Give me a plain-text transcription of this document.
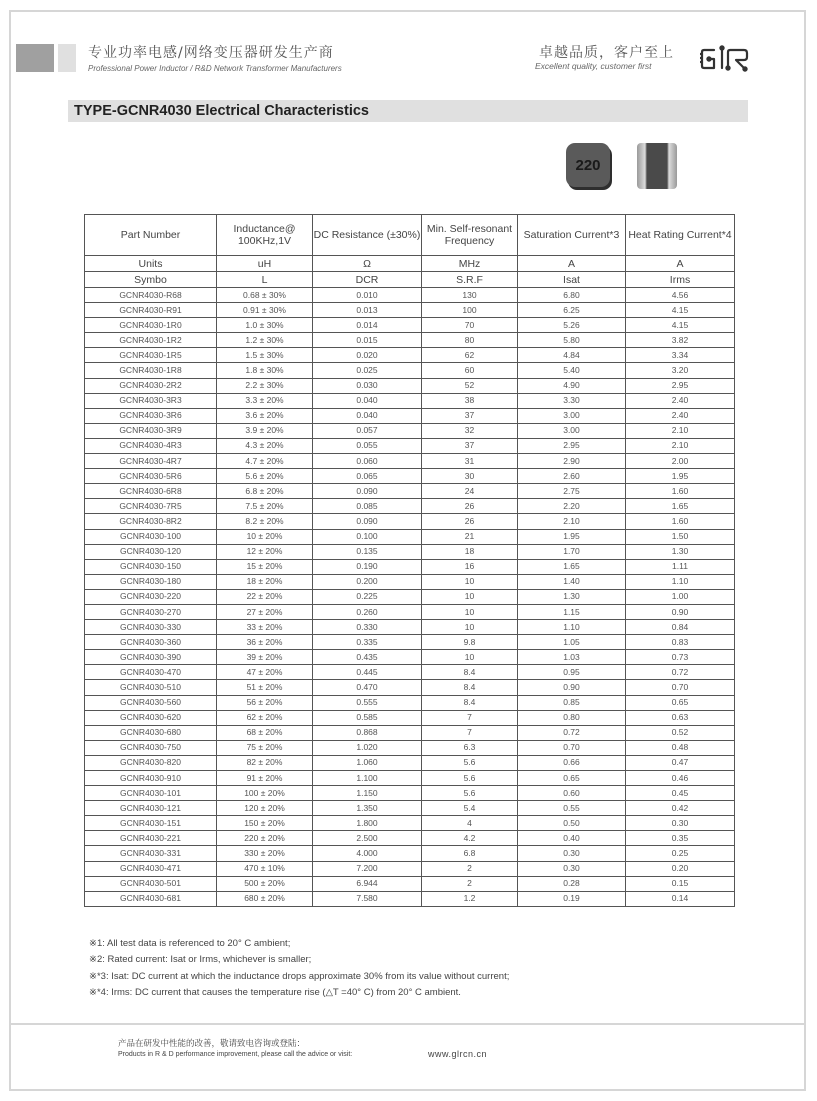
专业功率电感/网络变压器研发生产商
Professional Power Inductor / R&D Network Transformer Manufacturers
卓越品质，客户至上
Excellent quality, customer first
TYPE-GCNR4030 Electrical Characteristics
220
Part Number	Inductance@ 100KHz,1V	DC Resistance (±30%)	Min. Self-resonant Frequency	Saturation Current*3	Heat Rating Current*4
Units	uH	Ω	MHz	A	A
Symbo	L	DCR	S.R.F	Isat	Irms
GCNR4030-R68	0.68 ± 30%	0.010	130	6.80	4.56
GCNR4030-R91	0.91 ± 30%	0.013	100	6.25	4.15
GCNR4030-1R0	1.0 ± 30%	0.014	70	5.26	4.15
GCNR4030-1R2	1.2 ± 30%	0.015	80	5.80	3.82
GCNR4030-1R5	1.5 ± 30%	0.020	62	4.84	3.34
GCNR4030-1R8	1.8 ± 30%	0.025	60	5.40	3.20
GCNR4030-2R2	2.2 ± 30%	0.030	52	4.90	2.95
GCNR4030-3R3	3.3 ± 20%	0.040	38	3.30	2.40
GCNR4030-3R6	3.6 ± 20%	0.040	37	3.00	2.40
GCNR4030-3R9	3.9 ± 20%	0.057	32	3.00	2.10
GCNR4030-4R3	4.3 ± 20%	0.055	37	2.95	2.10
GCNR4030-4R7	4.7 ± 20%	0.060	31	2.90	2.00
GCNR4030-5R6	5.6 ± 20%	0.065	30	2.60	1.95
GCNR4030-6R8	6.8 ± 20%	0.090	24	2.75	1.60
GCNR4030-7R5	7.5 ± 20%	0.085	26	2.20	1.65
GCNR4030-8R2	8.2 ± 20%	0.090	26	2.10	1.60
GCNR4030-100	10 ± 20%	0.100	21	1.95	1.50
GCNR4030-120	12 ± 20%	0.135	18	1.70	1.30
GCNR4030-150	15 ± 20%	0.190	16	1.65	1.11
GCNR4030-180	18 ± 20%	0.200	10	1.40	1.10
GCNR4030-220	22 ± 20%	0.225	10	1.30	1.00
GCNR4030-270	27 ± 20%	0.260	10	1.15	0.90
GCNR4030-330	33 ± 20%	0.330	10	1.10	0.84
GCNR4030-360	36 ± 20%	0.335	9.8	1.05	0.83
GCNR4030-390	39 ± 20%	0.435	10	1.03	0.73
GCNR4030-470	47 ± 20%	0.445	8.4	0.95	0.72
GCNR4030-510	51 ± 20%	0.470	8.4	0.90	0.70
GCNR4030-560	56 ± 20%	0.555	8.4	0.85	0.65
GCNR4030-620	62 ± 20%	0.585	7	0.80	0.63
GCNR4030-680	68 ± 20%	0.868	7	0.72	0.52
GCNR4030-750	75 ± 20%	1.020	6.3	0.70	0.48
GCNR4030-820	82 ± 20%	1.060	5.6	0.66	0.47
GCNR4030-910	91 ± 20%	1.100	5.6	0.65	0.46
GCNR4030-101	100 ± 20%	1.150	5.6	0.60	0.45
GCNR4030-121	120 ± 20%	1.350	5.4	0.55	0.42
GCNR4030-151	150 ± 20%	1.800	4	0.50	0.30
GCNR4030-221	220 ± 20%	2.500	4.2	0.40	0.35
GCNR4030-331	330 ± 20%	4.000	6.8	0.30	0.25
GCNR4030-471	470 ± 10%	7.200	2	0.30	0.20
GCNR4030-501	500 ± 20%	6.944	2	0.28	0.15
GCNR4030-681	680 ± 20%	7.580	1.2	0.19	0.14
※1: All test data is referenced to 20° C ambient;
※2: Rated current: Isat or Irms, whichever is smaller;
※*3: Isat: DC current at which the inductance drops approximate 30% from its value without current;
※*4: Irms: DC current that causes the temperature rise (△T =40° C) from 20° C ambient.
产品在研发中性能的改善，敬请致电咨询或登陆：
Products in R & D performance improvement, please call the advice or visit:	www.glrcn.cn
